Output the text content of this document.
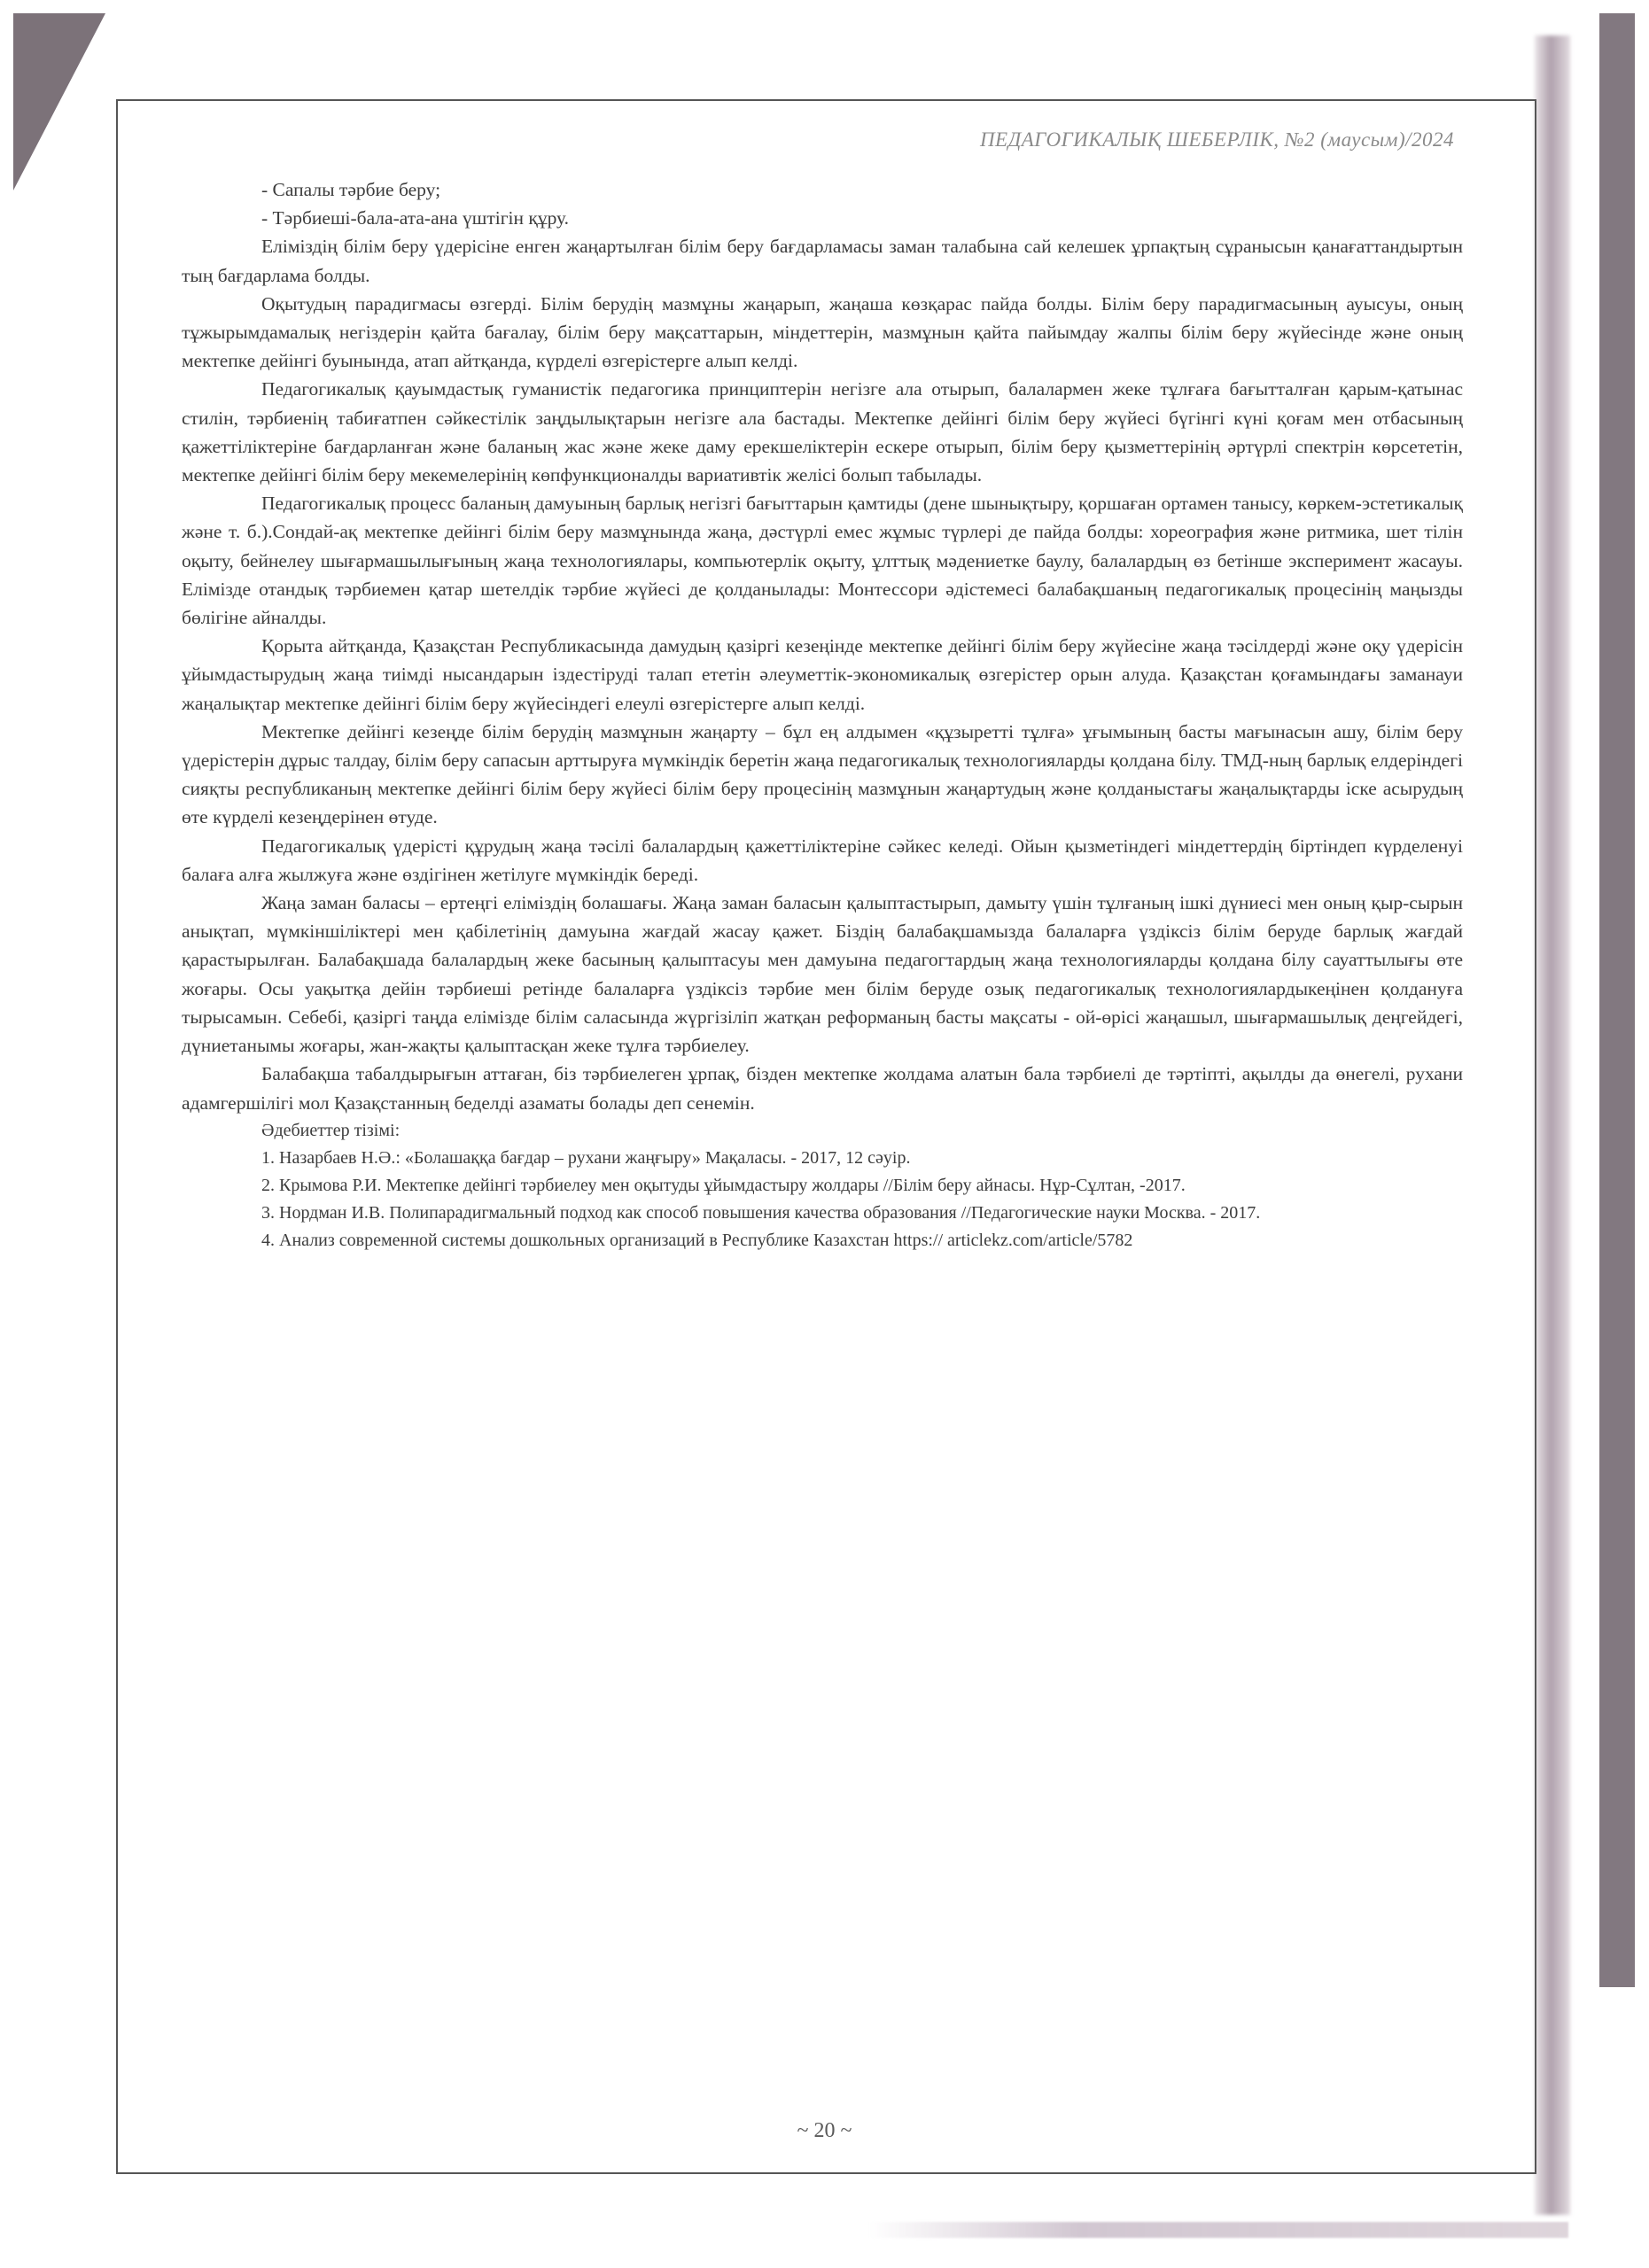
ПЕДАГОГИКАЛЫҚ ШЕБЕРЛІК, №2 (маусым)/2024

- Сапалы тәрбие беру;

- Тәрбиеші-бала-ата-ана үштігін құру.

Еліміздің білім беру үдерісіне енген жаңартылған білім беру бағдарламасы заман талабына сай келешек ұрпақтың сұранысын қанағаттандыртын тың бағдарлама болды.

Оқытудың парадигмасы өзгерді. Білім берудің мазмұны жаңарып, жаңаша көзқарас пайда болды. Білім беру парадигмасының ауысуы, оның тұжырымдамалық негіздерін қайта бағалау, білім беру мақсаттарын, міндеттерін, мазмұнын қайта пайымдау жалпы білім беру жүйесінде және оның мектепке дейінгі буынында, атап айтқанда, күрделі өзгерістерге алып келді.

Педагогикалық қауымдастық гуманистік педагогика принциптерін негізге ала отырып, балалармен жеке тұлғаға бағытталған қарым-қатынас стилін, тәрбиенің табиғатпен сәйкестілік заңдылықтарын негізге ала бастады. Мектепке дейінгі білім беру жүйесі бүгінгі күні қоғам мен отбасының қажеттіліктеріне бағдарланған және баланың жас және жеке даму ерекшеліктерін ескере отырып, білім беру қызметтерінің әртүрлі спектрін көрсететін, мектепке дейінгі білім беру мекемелерінің көпфункционалды вариативтік желісі болып табылады.

Педагогикалық процесс баланың дамуының барлық негізгі бағыттарын қамтиды (дене шынықтыру, қоршаған ортамен танысу, көркем-эстетикалық және т. б.).Сондай-ақ мектепке дейінгі білім беру мазмұнында жаңа, дәстүрлі емес жұмыс түрлері де пайда болды: хореография және ритмика, шет тілін оқыту, бейнелеу шығармашылығының жаңа технологиялары, компьютерлік оқыту, ұлттық мәдениетке баулу, балалардың өз бетінше эксперимент жасауы. Елімізде отандық тәрбиемен қатар шетелдік тәрбие жүйесі де қолданылады: Монтессори әдістемесі балабақшаның педагогикалық процесінің маңызды бөлігіне айналды.

Қорыта айтқанда, Қазақстан Республикасында дамудың қазіргі кезеңінде мектепке дейінгі білім беру жүйесіне жаңа тәсілдерді және оқу үдерісін ұйымдастырудың жаңа тиімді нысандарын іздестіруді талап ететін әлеуметтік-экономикалық өзгерістер орын алуда. Қазақстан қоғамындағы заманауи жаңалықтар мектепке дейінгі білім беру жүйесіндегі елеулі өзгерістерге алып келді.

Мектепке дейінгі кезеңде білім берудің мазмұнын жаңарту – бұл ең алдымен «құзыретті тұлға» ұғымының басты мағынасын ашу, білім беру үдерістерін дұрыс талдау, білім беру сапасын арттыруға мүмкіндік беретін жаңа педагогикалық технологияларды қолдана білу. ТМД-ның барлық елдеріндегі сияқты республиканың мектепке дейінгі білім беру жүйесі білім беру процесінің мазмұнын жаңартудың және қолданыстағы жаңалықтарды іске асырудың өте күрделі кезеңдерінен өтуде.

Педагогикалық үдерісті құрудың жаңа тәсілі балалардың қажеттіліктеріне сәйкес келеді. Ойын қызметіндегі міндеттердің біртіндеп күрделенуі балаға алға жылжуға және өздігінен жетілуге мүмкіндік береді.

Жаңа заман баласы – ертеңгі еліміздің болашағы. Жаңа заман баласын қалыптастырып, дамыту үшін тұлғаның ішкі дүниесі мен оның қыр-сырын анықтап, мүмкіншіліктері мен қабілетінің дамуына жағдай жасау қажет. Біздің балабақшамызда балаларға үздіксіз білім беруде барлық жағдай қарастырылған. Балабақшада балалардың жеке басының қалыптасуы мен дамуына педагогтардың жаңа технологияларды қолдана білу сауаттылығы өте жоғары. Осы уақытқа дейін тәрбиеші ретінде балаларға үздіксіз тәрбие мен білім беруде озық педагогикалық технологиялардыкеңінен қолдануға тырысамын. Себебі, қазіргі таңда елімізде білім саласында жүргізіліп жатқан реформаның басты мақсаты - ой-өрісі жаңашыл, шығармашылық деңгейдегі, дүниетанымы жоғары, жан-жақты қалыптасқан жеке тұлға тәрбиелеу.

Балабақша табалдырығын аттаған, біз тәрбиелеген ұрпақ, бізден мектепке жолдама алатын бала тәрбиелі де тәртіпті, ақылды да өнегелі, рухани адамгершілігі мол Қазақстанның беделді азаматы болады деп сенемін.

Әдебиеттер тізімі:

1. Назарбаев Н.Ә.: «Болашаққа бағдар – рухани жаңғыру» Мақаласы. - 2017, 12 сәуір.

2. Крымова Р.И. Мектепке дейінгі тәрбиелеу мен оқытуды ұйымдастыру жолдары //Білім беру айнасы. Нұр-Сұлтан, -2017.

3. Нордман И.В. Полипарадигмальный подход как способ повышения качества образования //Педагогические науки Москва. - 2017.

4. Анализ современной системы дошкольных организаций в Республике Казахстан https:// articlekz.com/article/5782

~ 20 ~
